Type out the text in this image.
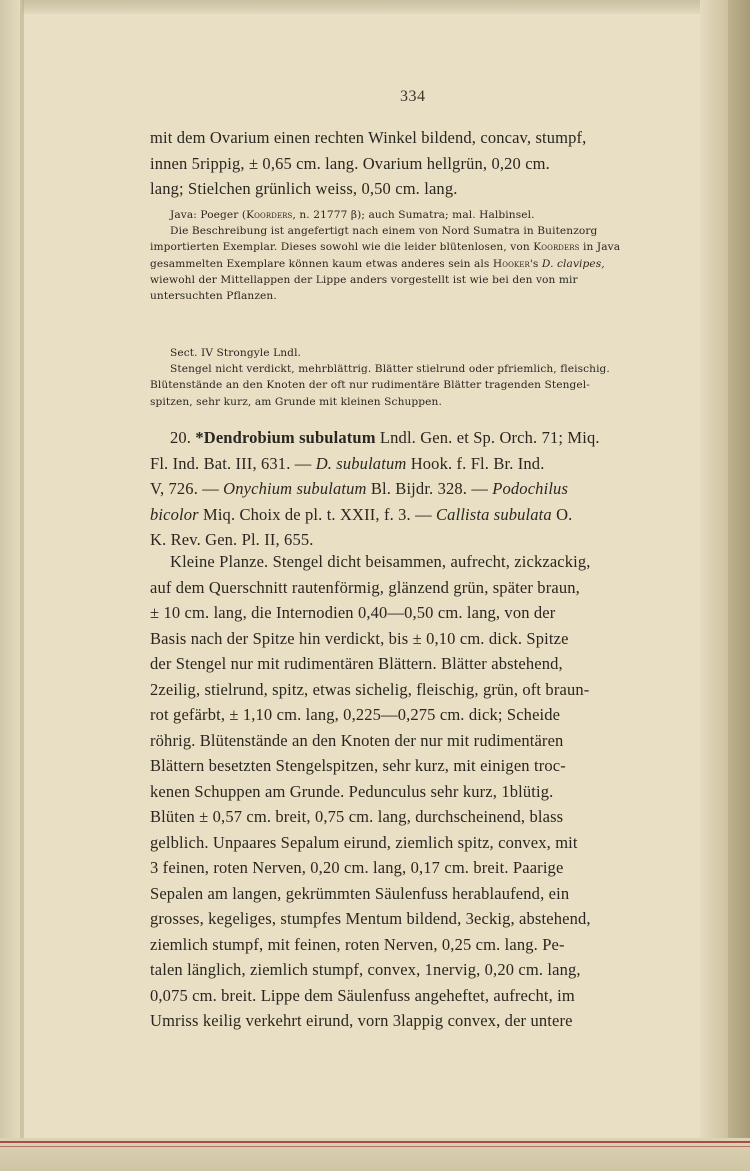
334
mit dem Ovarium einen rechten Winkel bildend, concav, stumpf,
innen 5rippig, ± 0,65 cm. lang. Ovarium hellgrün, 0,20 cm.
lang; Stielchen grünlich weiss, 0,50 cm. lang.
Java: Poeger (Koorders, n. 21777 β); auch Sumatra; mal. Halbinsel.
Die Beschreibung ist angefertigt nach einem von Nord Sumatra in Buitenzorg
importierten Exemplar. Dieses sowohl wie die leider blütenlosen, von Koorders in Java
gesammelten Exemplare können kaum etwas anderes sein als Hooker's D. clavipes,
wiewohl der Mittellappen der Lippe anders vorgestellt ist wie bei den von mir
untersuchten Pflanzen.
Sect. IV Strongyle Lndl.
Stengel nicht verdickt, mehrblättrig. Blätter stielrund oder pfriemlich, fleischig.
Blütenstände an den Knoten der oft nur rudimentäre Blätter tragenden Stengel-
spitzen, sehr kurz, am Grunde mit kleinen Schuppen.
20. *Dendrobium subulatum Lndl. Gen. et Sp. Orch. 71; Miq.
Fl. Ind. Bat. III, 631. — D. subulatum Hook. f. Fl. Br. Ind.
V, 726. — Onychium subulatum Bl. Bijdr. 328. — Podochilus
bicolor Miq. Choix de pl. t. XXII, f. 3. — Callista subulata O.
K. Rev. Gen. Pl. II, 655.
Kleine Planze. Stengel dicht beisammen, aufrecht, zickzackig,
auf dem Querschnitt rautenförmig, glänzend grün, später braun,
± 10 cm. lang, die Internodien 0,40—0,50 cm. lang, von der
Basis nach der Spitze hin verdickt, bis ± 0,10 cm. dick. Spitze
der Stengel nur mit rudimentären Blättern. Blätter abstehend,
2zeilig, stielrund, spitz, etwas sichelig, fleischig, grün, oft braun-
rot gefärbt, ± 1,10 cm. lang, 0,225—0,275 cm. dick; Scheide
röhrig. Blütenstände an den Knoten der nur mit rudimentären
Blättern besetzten Stengelspitzen, sehr kurz, mit einigen troc-
kenen Schuppen am Grunde. Pedunculus sehr kurz, 1blütig.
Blüten ± 0,57 cm. breit, 0,75 cm. lang, durchscheinend, blass
gelblich. Unpaares Sepalum eirund, ziemlich spitz, convex, mit
3 feinen, roten Nerven, 0,20 cm. lang, 0,17 cm. breit. Paarige
Sepalen am langen, gekrümmten Säulenfuss herablaufend, ein
grosses, kegeliges, stumpfes Mentum bildend, 3eckig, abstehend,
ziemlich stumpf, mit feinen, roten Nerven, 0,25 cm. lang. Pe-
talen länglich, ziemlich stumpf, convex, 1nervig, 0,20 cm. lang,
0,075 cm. breit. Lippe dem Säulenfuss angeheftet, aufrecht, im
Umriss keilig verkehrt eirund, vorn 3lappig convex, der untere
